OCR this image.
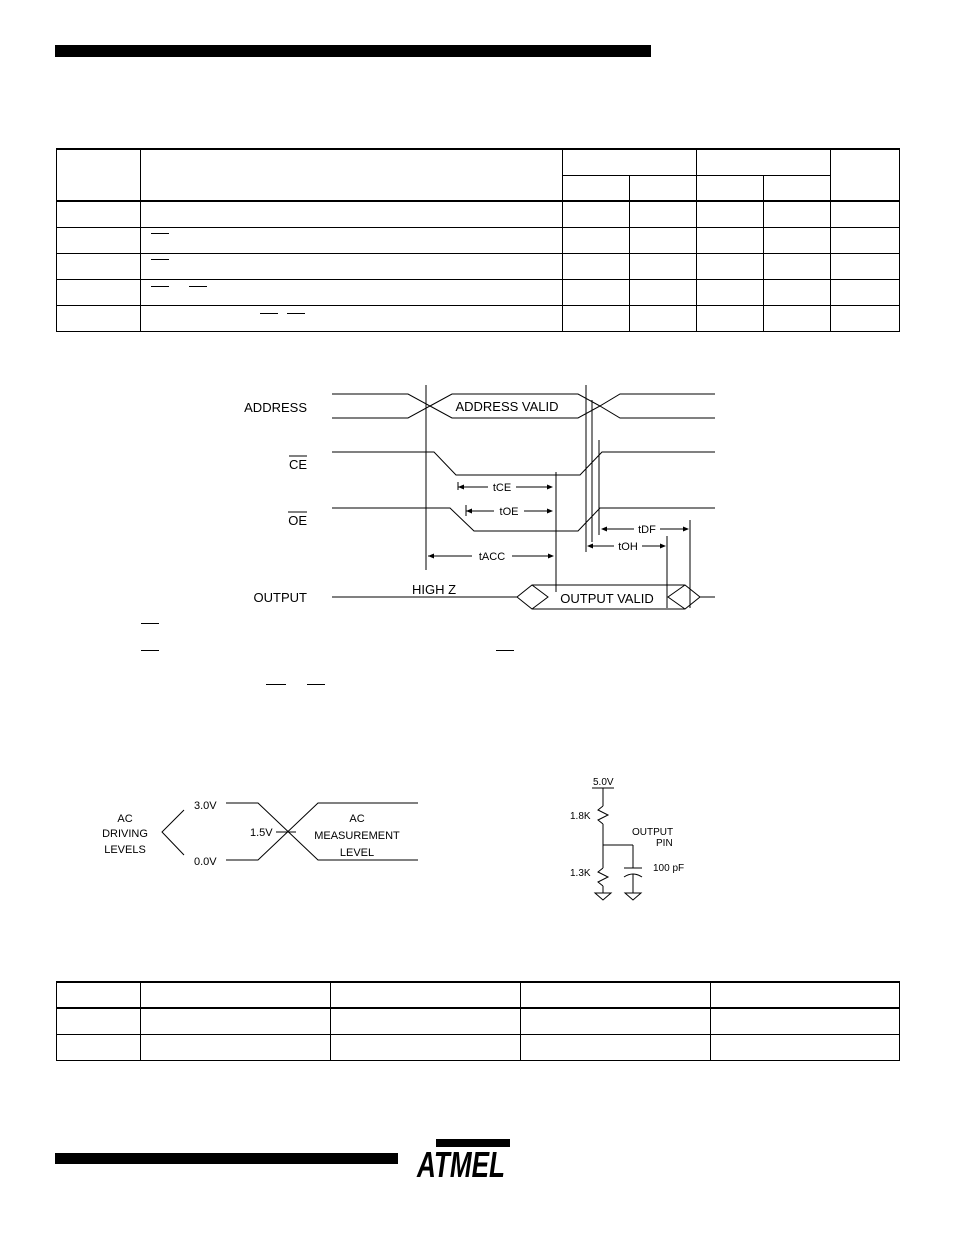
ADDRESS
CE
OE
OUTPUT
ADDRESS VALID
HIGH Z
OUTPUT VALID
tCE
tOE
tACC
tDF
tOH
AC
DRIVING
LEVELS
3.0V
1.5V
0.0V
AC
MEASUREMENT
LEVEL
5.0V
1.8K
1.3K
OUTPUT
PIN
100 pF

ATMEL
